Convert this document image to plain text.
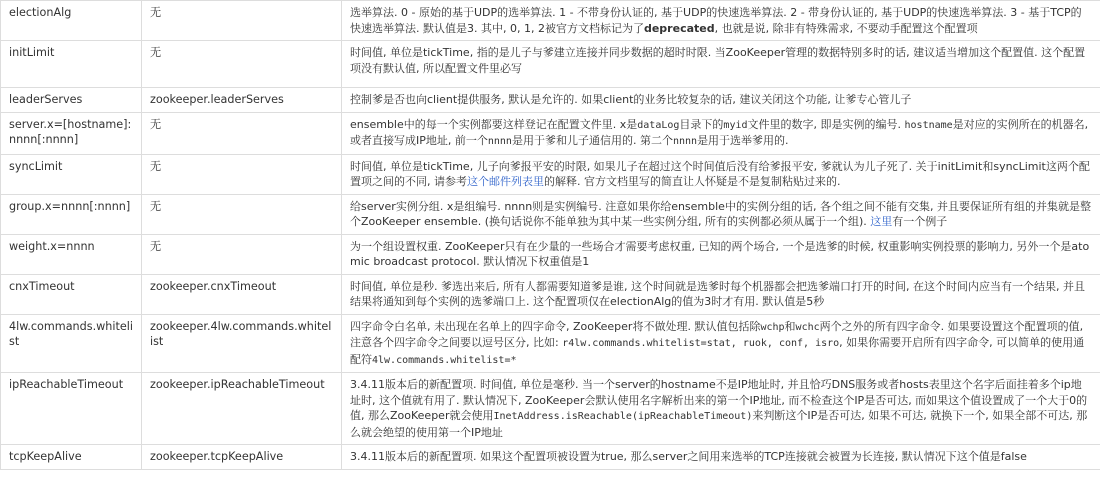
electionAlg	无	选举算法. 0 - 原始的基于UDP的选举算法. 1 - 不带身份认证的, 基于UDP的快速选举算法. 2 - 带身份认证的, 基于UDP的快速选举算法. 3 - 基于TCP的快速选举算法. 默认值是3. 其中, 0, 1, 2被官方文档标记为了deprecated, 也就是说, 除非有特殊需求, 不要动手配置这个配置项
initLimit	无	时间值, 单位是tickTime, 指的是儿子与爹建立连接并同步数据的超时时限. 当ZooKeeper管理的数据特别多时的话, 建议适当增加这个配置值. 这个配置项没有默认值, 所以配置文件里必写
leaderServes	zookeeper.leaderServes	控制爹是否也向client提供服务, 默认是允许的. 如果client的业务比较复杂的话, 建议关闭这个功能, 让爹专心管儿子
server.x=[hostname]:nnnn[:nnnn]	无	ensemble中的每一个实例都要这样登记在配置文件里. x是dataLog目录下的myid文件里的数字, 即是实例的编号. hostname是对应的实例所在的机器名, 或者直接写成IP地址, 前一个nnnn是用于爹和儿子通信用的. 第二个nnnn是用于选举爹用的.
syncLimit	无	时间值, 单位是tickTime, 儿子向爹报平安的时限, 如果儿子在超过这个时间值后没有给爹报平安, 爹就认为儿子死了. 关于initLimit和syncLimit这两个配置项之间的不同, 请参考这个邮件列表里的解释. 官方文档里写的简直让人怀疑是不是复制粘贴过来的.
group.x=nnnn[:nnnn]	无	给server实例分组. x是组编号. nnnn则是实例编号. 注意如果你给ensemble中的实例分组的话, 各个组之间不能有交集, 并且要保证所有组的并集就是整个ZooKeeper ensemble. (换句话说你不能单独为其中某一些实例分组, 所有的实例都必须从属于一个组). 这里有一个例子
weight.x=nnnn	无	为一个组设置权重. ZooKeeper只有在少量的一些场合才需要考虑权重, 已知的两个场合, 一个是选爹的时候, 权重影响实例投票的影响力, 另外一个是atomic broadcast protocol. 默认情况下权重值是1
cnxTimeout	zookeeper.cnxTimeout	时间值, 单位是秒. 爹选出来后, 所有人都需要知道爹是谁, 这个时间就是选爹时每个机器都会把选爹端口打开的时间, 在这个时间内应当有一个结果, 并且结果将通知到每个实例的选爹端口上. 这个配置项仅在electionAlg的值为3时才有用. 默认值是5秒
4lw.commands.whitelist	zookeeper.4lw.commands.whitelist	四字命令白名单, 未出现在名单上的四字命令, ZooKeeper将不做处理. 默认值包括除wchp和wchc两个之外的所有四字命令. 如果要设置这个配置项的值, 注意各个四字命令之间要以逗号区分, 比如: r4lw.commands.whitelist=stat, ruok, conf, isro, 如果你需要开启所有四字命令, 可以简单的使用通配符4lw.commands.whitelist=*
ipReachableTimeout	zookeeper.ipReachableTimeout	3.4.11版本后的新配置项. 时间值, 单位是毫秒. 当一个server的hostname不是IP地址时, 并且恰巧DNS服务或者hosts表里这个名字后面挂着多个ip地址时, 这个值就有用了. 默认情况下, ZooKeeper会默认使用名字解析出来的第一个IP地址, 而不检查这个IP是否可达, 而如果这个值设置成了一个大于0的值, 那么ZooKeeper就会使用InetAddress.isReachable(ipReachableTimeout)来判断这个IP是否可达, 如果不可达, 就换下一个, 如果全部不可达, 那么就会绝望的使用第一个IP地址
tcpKeepAlive	zookeeper.tcpKeepAlive	3.4.11版本后的新配置项. 如果这个配置项被设置为true, 那么server之间用来选举的TCP连接就会被置为长连接, 默认情况下这个值是false
